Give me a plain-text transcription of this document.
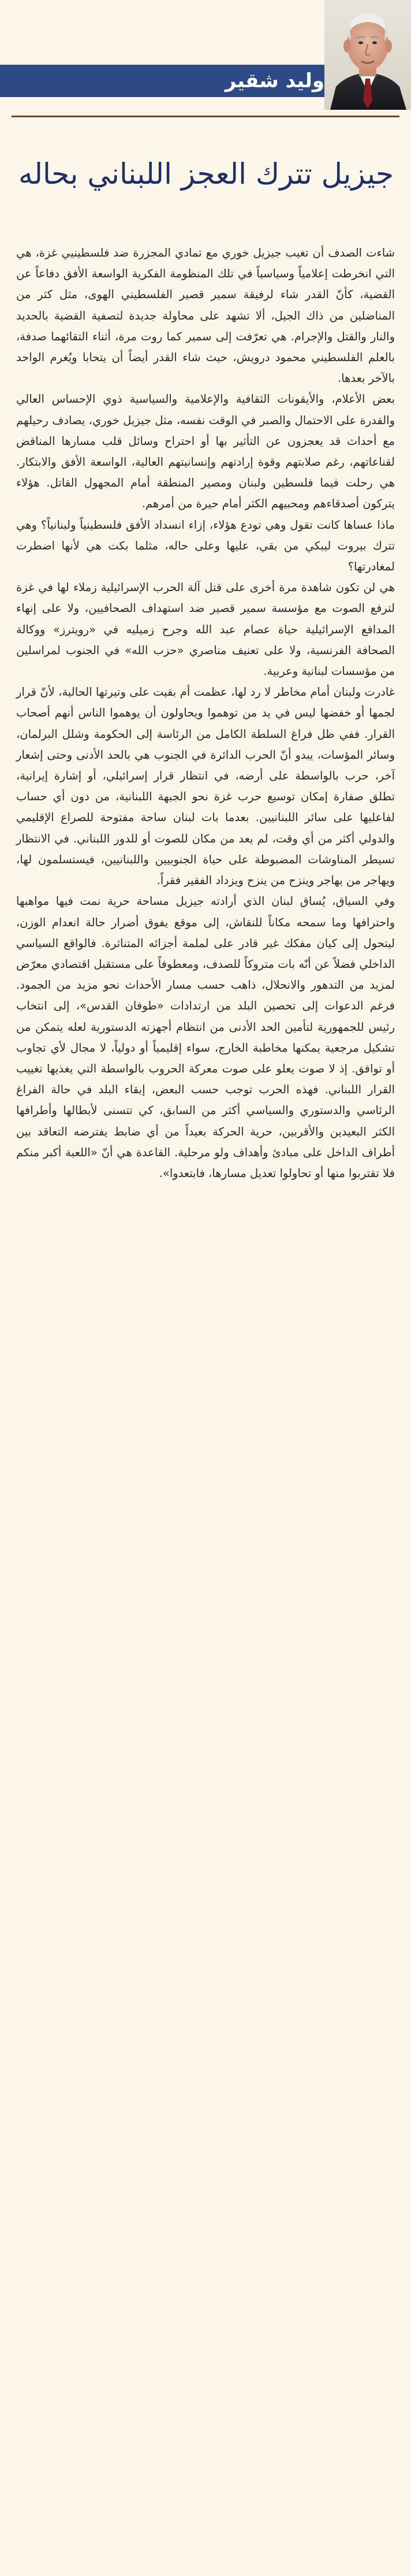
وليد شقير
جيزيل تترك العجز اللبناني بحاله

شاءت الصدف أن تغيب جيزيل خوري مع تمادي المجزرة ضد فلسطينيي غزة، هي التي انخرطت إعلامياً وسياسياً في تلك المنظومة الفكرية الواسعة الأفق دفاعاً عن القضية، كأنّ القدر شاء لرفيقة سمير قصير الفلسطيني الهوى، مثل كثر من المناضلين من ذاك الجيل، ألا تشهد على محاولة جديدة لتصفية القضية بالحديد والنار والقتل والإجرام. هي تعرّفت إلى سمير كما روت مرة، أثناء التقائهما صدفة، بالعلم الفلسطيني محمود درويش، حيث شاء القدر أيضاً أن يتحابا ويُغرم الواحد بالآخر بعدها.

بعض الأعلام، والأيقونات الثقافية والإعلامية والسياسية ذوي الإحساس العالي والقدرة على الاحتمال والصبر في الوقت نفسه، مثل جيزيل خوري، يصادف رحيلهم مع أحداث قد يعجزون عن التأثير بها أو احتراح وسائل قلب مسارها المناقض لقناعاتهم، رغم صلابتهم وقوة إرادتهم وإنسانيتهم العالية، الواسعة الأفق والابتكار. هي رحلت فيما فلسطين ولبنان ومصير المنطقة أمام المجهول القاتل. هؤلاء يتركون أصدقاءهم ومحبيهم الكثر أمام حيرة من أمرهم.

ماذا عساها كانت تقول وهي تودع هؤلاء، إزاء انسداد الأفق فلسطينياً ولبنانياً؟ وهي تترك بيروت ليبكي من بقي، عليها وعلى حاله، مثلما بكت هي لأنها اضطرت لمغادرتها؟

هي لن تكون شاهدة مرة أخرى على قتل آلة الحرب الإسرائيلية زملاء لها في غزة لترفع الصوت مع مؤسسة سمير قصير ضد استهداف الصحافيين، ولا على إنهاء المدافع الإسرائيلية حياة عصام عبد الله وجرح زميليه في «رويترز» ووكالة الصحافة الفرنسية، ولا على تعنيف مناصري «حزب الله» في الجنوب لمراسلين من مؤسسات لبنانية وعربية.

غادرت ولبنان أمام مخاطر لا رد لها، عظمت أم بقيت على وتيرتها الحالية، لأنّ قرار لجمها أو خفضها ليس في يد من توهموا ويحاولون أن يوهموا الناس أنهم أصحاب القرار. ففي ظل فراغ السلطة الكامل من الرئاسة إلى الحكومة وشلل البرلمان، وسائر المؤسات، يبدو أنّ الحرب الدائرة في الجنوب هي بالحد الأدنى وحتى إشعار آخر، حرب بالواسطة على أرضه، في انتظار قرار إسرائيلي، أو إشارة إيرانية، تطلق صفارة إمكان توسيع حرب غزة نحو الجبهة اللبنانية، من دون أي حساب لفاعليها على سائر اللبنانيين. بعدما بات لبنان ساحة مفتوحة للصراع الإقليمي والدولي أكثر من أي وقت، لم يعد من مكان للصوت أو للدور اللبناني. في الانتظار تسيطر المناوشات المضبوطة على حياة الجنوبيين واللبنانيين، فيستسلمون لها، ويهاجر من يهاجر وينزح من ينزح ويزداد الفقير فقراً.

وفي السياق، يُساق لبنان الذي أرادته جيزيل مساحة حرية نمت فيها مواهبها واحترافها وما سمحه مكاناً للنقاش، إلى موقع يفوق أضرار حالة انعدام الوزن، ليتحول إلى كيان مفكك غير قادر على لملمة أجزائه المتناثرة. فالواقع السياسي الداخلي فضلاً عن أنّه بات متروكاً للصدف، ومعطوفاً على مستقبل اقتصادي معرّض لمزيد من التدهور والانحلال، ذاهب حسب مسار الأحداث نحو مزيد من الجمود. فرغم الدعوات إلى تحصين البلد من ارتدادات «طوفان القدس»، إلى انتخاب رئيس للجمهورية لتأمين الحد الأدنى من انتظام أجهزته الدستورية لعله يتمكن من تشكيل مرجعية يمكنها مخاطبة الخارج، سواء إقليمياً أو دولياً، لا مجال لأي تجاوب أو توافق. إذ لا صوت يعلو على صوت معركة الحروب بالواسطة التي يغذيها تغييب القرار اللبناني. فهذه الحرب توجب حسب البعض، إبقاء البلد في حالة الفراغ الرئاسي والدستوري والسياسي أكثر من السابق، كي تتسنى لأبطالها وأطرافها الكثر البعيدين والأقربين، حرية الحركة بعيداً من أي ضابط يفترضه التعاقد بين أطراف الداخل على مبادئ وأهداف ولو مرحلية. القاعدة هي أنّ «اللعبة أكبر منكم فلا تقتربوا منها أو تحاولوا تعديل مسارها، فابتعدوا».
